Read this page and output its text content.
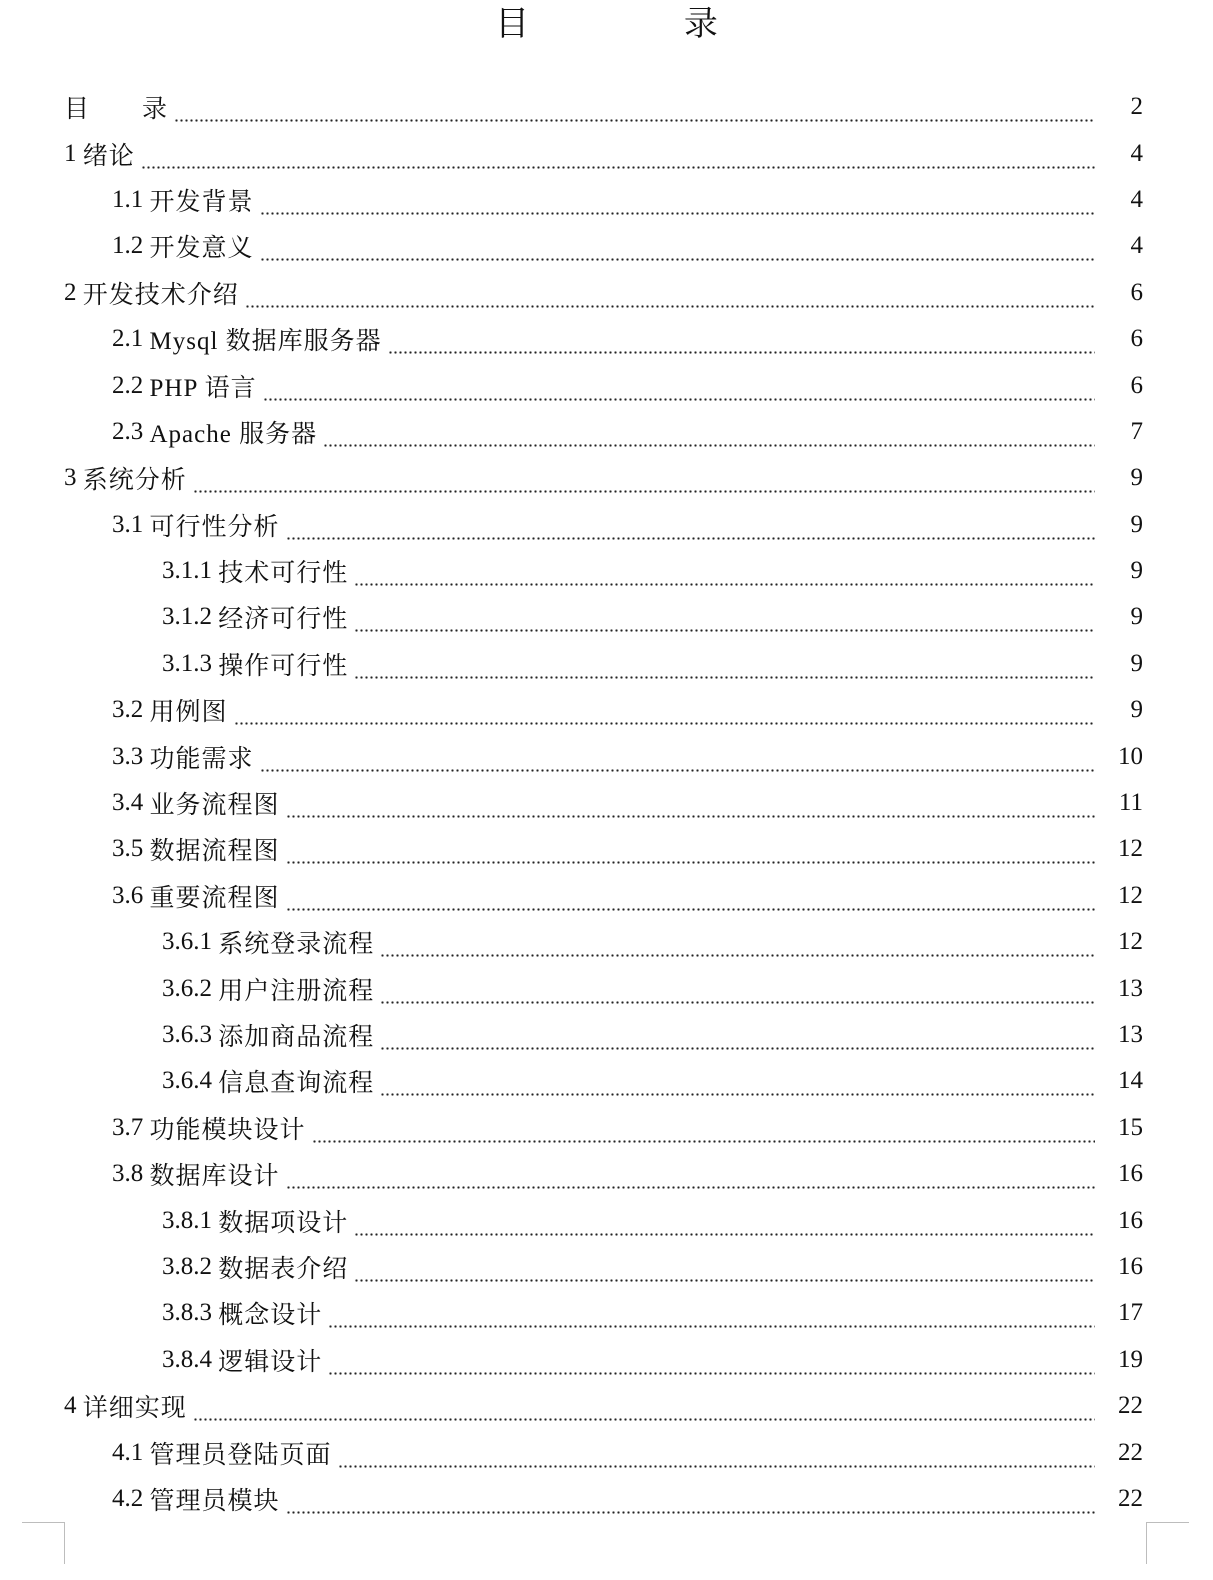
目 录
目　　录	2
1 绪论	4
1.1 开发背景	4
1.2 开发意义	4
2 开发技术介绍	6
2.1 Mysql 数据库服务器	6
2.2 PHP 语言	6
2.3 Apache 服务器	7
3 系统分析	9
3.1 可行性分析	9
3.1.1 技术可行性	9
3.1.2 经济可行性	9
3.1.3 操作可行性	9
3.2 用例图	9
3.3 功能需求	10
3.4 业务流程图	11
3.5 数据流程图	12
3.6 重要流程图	12
3.6.1 系统登录流程	12
3.6.2 用户注册流程	13
3.6.3 添加商品流程	13
3.6.4 信息查询流程	14
3.7 功能模块设计	15
3.8 数据库设计	16
3.8.1 数据项设计	16
3.8.2 数据表介绍	16
3.8.3 概念设计	17
3.8.4 逻辑设计	19
4 详细实现	22
4.1 管理员登陆页面	22
4.2 管理员模块	22
